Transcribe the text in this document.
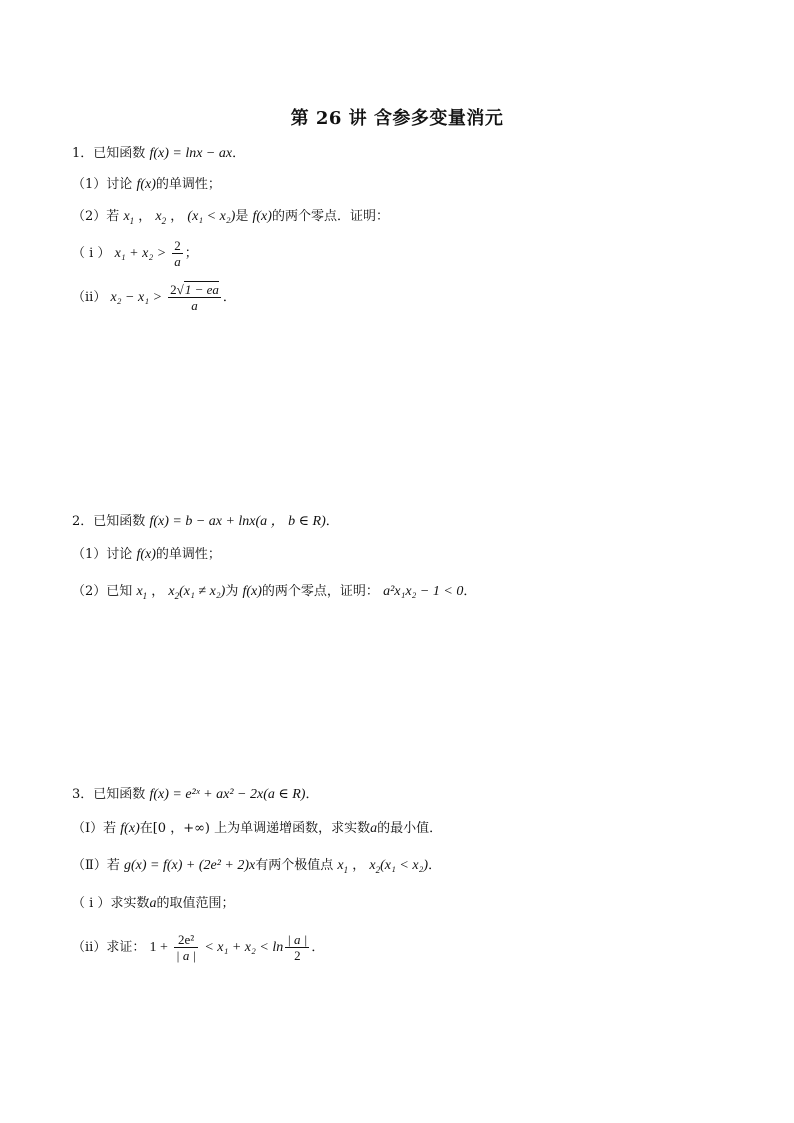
第 26 讲 含参多变量消元
1．已知函数 f(x) = lnx − ax．
（1）讨论 f(x)的单调性；
（2）若 $x_1$ ， $x_2$ ， (x₁ < x₂)是 f(x)的两个零点．证明：
（ i ） $x_1 + x_2 > \frac{2}{a}$ ；
（ii） $x_2 - x_1 > \frac{2√1 - ea}{a}$ ．
2．已知函数 f(x) = b − ax + lnx(a ， b ∈ R)．
（1）讨论 f(x)的单调性；
（2）已知 $x_1$ ， $x_2(x_1 \ne x_2)$为 f(x)的两个零点，证明： a²x₁x₂ − 1 < 0．
3．已知函数 f(x) = e²ˣ + ax² − 2x(a ∈ R)．
（Ⅰ）若 f(x)在[0 ，+∞) 上为单调递增函数，求实数a的最小值．
（Ⅱ）若 g(x) = f(x) + (2e² + 2)x有两个极值点 $x_1$ ， $x_2(x_1 < x_2)$．
（ i ）求实数a的取值范围；
（ii）求证： $1 + \frac{\text{2e²}}{| a |} < x_1 + x_2 < \ln \frac{| a |}{2}$ ．
